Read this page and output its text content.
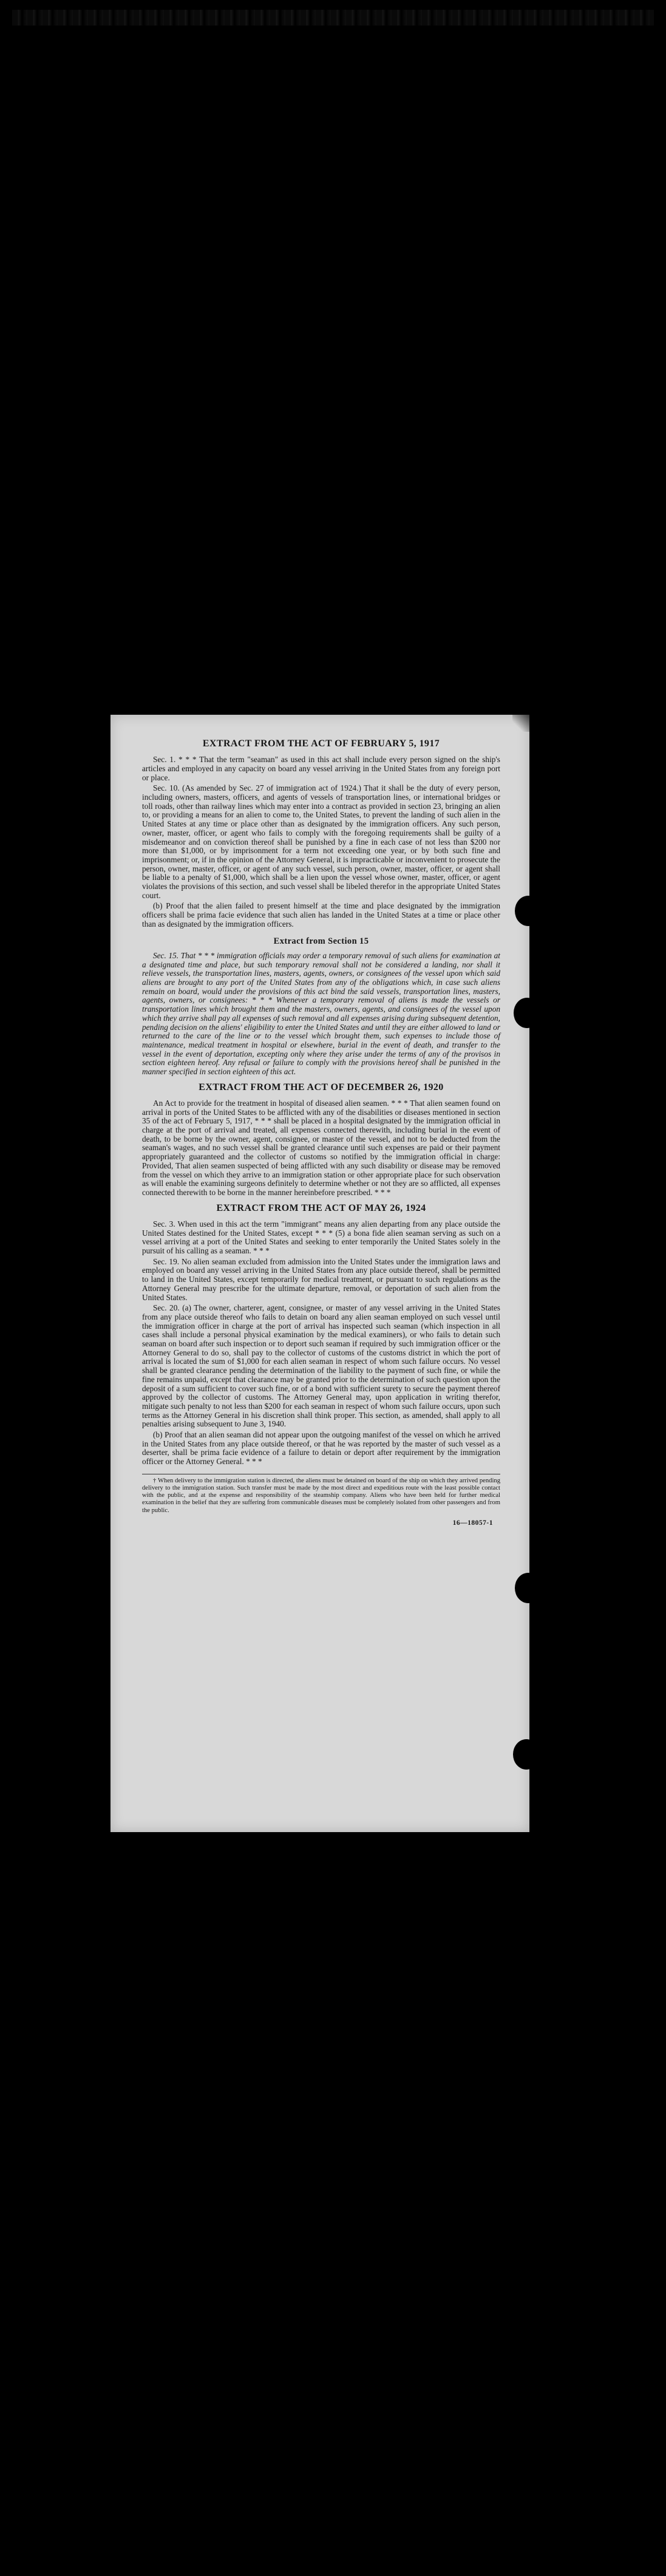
EXTRACT FROM THE ACT OF FEBRUARY 5, 1917

Sec. 1. * * * That the term "seaman" as used in this act shall include every person signed on the ship's articles and employed in any capacity on board any vessel arriving in the United States from any foreign port or place.

Sec. 10. (As amended by Sec. 27 of immigration act of 1924.) That it shall be the duty of every person, including owners, masters, officers, and agents of vessels of transportation lines, or international bridges or toll roads, other than railway lines which may enter into a contract as provided in section 23, bringing an alien to, or providing a means for an alien to come to, the United States, to prevent the landing of such alien in the United States at any time or place other than as designated by the immigration officers. Any such person, owner, master, officer, or agent who fails to comply with the foregoing requirements shall be guilty of a misdemeanor and on conviction thereof shall be punished by a fine in each case of not less than $200 nor more than $1,000, or by imprisonment for a term not exceeding one year, or by both such fine and imprisonment; or, if in the opinion of the Attorney General, it is impracticable or inconvenient to prosecute the person, owner, master, officer, or agent of any such vessel, such person, owner, master, officer, or agent shall be liable to a penalty of $1,000, which shall be a lien upon the vessel whose owner, master, officer, or agent violates the provisions of this section, and such vessel shall be libeled therefor in the appropriate United States court.

(b) Proof that the alien failed to present himself at the time and place designated by the immigration officers shall be prima facie evidence that such alien has landed in the United States at a time or place other than as designated by the immigration officers.

Extract from Section 15

Sec. 15. That * * * immigration officials may order a temporary removal of such aliens for examination at a designated time and place, but such temporary removal shall not be considered a landing, nor shall it relieve vessels, the transportation lines, masters, agents, owners, or consignees of the vessel upon which said aliens are brought to any port of the United States from any of the obligations which, in case such aliens remain on board, would under the provisions of this act bind the said vessels, transportation lines, masters, agents, owners, or consignees: * * * Whenever a temporary removal of aliens is made the vessels or transportation lines which brought them and the masters, owners, agents, and consignees of the vessel upon which they arrive shall pay all expenses of such removal and all expenses arising during subsequent detention, pending decision on the aliens' eligibility to enter the United States and until they are either allowed to land or returned to the care of the line or to the vessel which brought them, such expenses to include those of maintenance, medical treatment in hospital or elsewhere, burial in the event of death, and transfer to the vessel in the event of deportation, excepting only where they arise under the terms of any of the provisos in section eighteen hereof. Any refusal or failure to comply with the provisions hereof shall be punished in the manner specified in section eighteen of this act.

EXTRACT FROM THE ACT OF DECEMBER 26, 1920

An Act to provide for the treatment in hospital of diseased alien seamen. * * * That alien seamen found on arrival in ports of the United States to be afflicted with any of the disabilities or diseases mentioned in section 35 of the act of February 5, 1917, * * * shall be placed in a hospital designated by the immigration official in charge at the port of arrival and treated, all expenses connected therewith, including burial in the event of death, to be borne by the owner, agent, consignee, or master of the vessel, and not to be deducted from the seaman's wages, and no such vessel shall be granted clearance until such expenses are paid or their payment appropriately guaranteed and the collector of customs so notified by the immigration official in charge: Provided, That alien seamen suspected of being afflicted with any such disability or disease may be removed from the vessel on which they arrive to an immigration station or other appropriate place for such observation as will enable the examining surgeons definitely to determine whether or not they are so afflicted, all expenses connected therewith to be borne in the manner hereinbefore prescribed. * * *

EXTRACT FROM THE ACT OF MAY 26, 1924

Sec. 3. When used in this act the term "immigrant" means any alien departing from any place outside the United States destined for the United States, except * * * (5) a bona fide alien seaman serving as such on a vessel arriving at a port of the United States and seeking to enter temporarily the United States solely in the pursuit of his calling as a seaman. * * *

Sec. 19. No alien seaman excluded from admission into the United States under the immigration laws and employed on board any vessel arriving in the United States from any place outside thereof, shall be permitted to land in the United States, except temporarily for medical treatment, or pursuant to such regulations as the Attorney General may prescribe for the ultimate departure, removal, or deportation of such alien from the United States.

Sec. 20. (a) The owner, charterer, agent, consignee, or master of any vessel arriving in the United States from any place outside thereof who fails to detain on board any alien seaman employed on such vessel until the immigration officer in charge at the port of arrival has inspected such seaman (which inspection in all cases shall include a personal physical examination by the medical examiners), or who fails to detain such seaman on board after such inspection or to deport such seaman if required by such immigration officer or the Attorney General to do so, shall pay to the collector of customs of the customs district in which the port of arrival is located the sum of $1,000 for each alien seaman in respect of whom such failure occurs. No vessel shall be granted clearance pending the determination of the liability to the payment of such fine, or while the fine remains unpaid, except that clearance may be granted prior to the determination of such question upon the deposit of a sum sufficient to cover such fine, or of a bond with sufficient surety to secure the payment thereof approved by the collector of customs. The Attorney General may, upon application in writing therefor, mitigate such penalty to not less than $200 for each seaman in respect of whom such failure occurs, upon such terms as the Attorney General in his discretion shall think proper. This section, as amended, shall apply to all penalties arising subsequent to June 3, 1940.

(b) Proof that an alien seaman did not appear upon the outgoing manifest of the vessel on which he arrived in the United States from any place outside thereof, or that he was reported by the master of such vessel as a deserter, shall be prima facie evidence of a failure to detain or deport after requirement by the immigration officer or the Attorney General. * * *

† When delivery to the immigration station is directed, the aliens must be detained on board of the ship on which they arrived pending delivery to the immigration station. Such transfer must be made by the most direct and expeditious route with the least possible contact with the public, and at the expense and responsibility of the steamship company. Aliens who have been held for further medical examination in the belief that they are suffering from communicable diseases must be completely isolated from other passengers and from the public.

16—18057-1
